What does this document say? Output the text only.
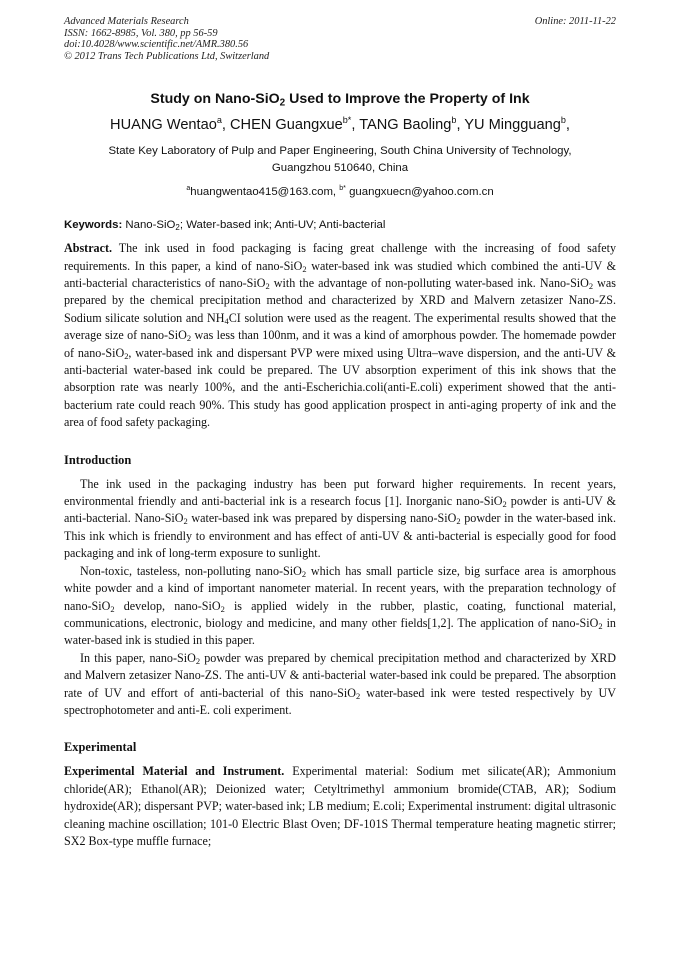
Advanced Materials Research
ISSN: 1662-8985, Vol. 380, pp 56-59
doi:10.4028/www.scientific.net/AMR.380.56
© 2012 Trans Tech Publications Ltd, Switzerland
Online: 2011-11-22
Study on Nano-SiO$_2$ Used to Improve the Property of Ink
HUANG Wentao$^a$, CHEN Guangxue$^{b*}$, TANG Baoling$^b$, YU Mingguang$^b$,
State Key Laboratory of Pulp and Paper Engineering, South China University of Technology,
Guangzhou 510640, China
$^a$huangwentao415@163.com, $^{b*}$ guangxuecn@yahoo.com.cn
Keywords: Nano-SiO$_2$; Water-based ink; Anti-UV; Anti-bacterial
Abstract. The ink used in food packaging is facing great challenge with the increasing of food safety requirements. In this paper, a kind of nano-SiO$_2$ water-based ink was studied which combined the anti-UV & anti-bacterial characteristics of nano-SiO$_2$ with the advantage of non-polluting water-based ink. Nano-SiO$_2$ was prepared by the chemical precipitation method and characterized by XRD and Malvern zetasizer Nano-ZS. Sodium silicate solution and $NH_4CI$ solution were used as the reagent. The experimental results showed that the average size of nano-SiO$_2$ was less than 100nm, and it was a kind of amorphous powder. The homemade powder of nano-SiO$_2$, water-based ink and dispersant PVP were mixed using Ultra–wave dispersion, and the anti-UV & anti-bacterial water-based ink could be prepared. The UV absorption experiment of this ink shows that the absorption rate was nearly 100%, and the anti-Escherichia.coli(anti-E.coli) experiment showed that the anti-bacterium rate could reach 90%. This study has good application prospect in anti-aging property of ink and the area of food safety packaging.
Introduction
The ink used in the packaging industry has been put forward higher requirements. In recent years, environmental friendly and anti-bacterial ink is a research focus [1]. Inorganic nano-SiO$_2$ powder is anti-UV & anti-bacterial. Nano-SiO$_2$ water-based ink was prepared by dispersing nano-SiO$_2$ powder in the water-based ink. This ink which is friendly to environment and has effect of anti-UV & anti-bacterial is especially good for food packaging and ink of long-term exposure to sunlight.
Non-toxic, tasteless, non-polluting nano-SiO$_2$ which has small particle size, big surface area is amorphous white powder and a kind of important nanometer material. In recent years, with the preparation technology of nano-SiO$_2$ develop, nano-SiO$_2$ is applied widely in the rubber, plastic, coating, functional material, communications, electronic, biology and medicine, and many other fields[1,2]. The application of nano-SiO$_2$ in water-based ink is studied in this paper.
In this paper, nano-SiO$_2$ powder was prepared by chemical precipitation method and characterized by XRD and Malvern zetasizer Nano-ZS. The anti-UV & anti-bacterial water-based ink could be prepared. The absorption rate of UV and effort of anti-bacterial of this nano-SiO$_2$ water-based ink were tested respectively by UV spectrophotometer and anti-E. coli experiment.
Experimental
Experimental Material and Instrument. Experimental material: Sodium met silicate(AR); Ammonium chloride(AR); Ethanol(AR); Deionized water; Cetyltrimethyl ammonium bromide(CTAB, AR); Sodium hydroxide(AR); dispersant PVP; water-based ink; LB medium; E.coli; Experimental instrument: digital ultrasonic cleaning machine oscillation; 101-0 Electric Blast Oven; DF-101S Thermal temperature heating magnetic stirrer; SX2 Box-type muffle furnace;
